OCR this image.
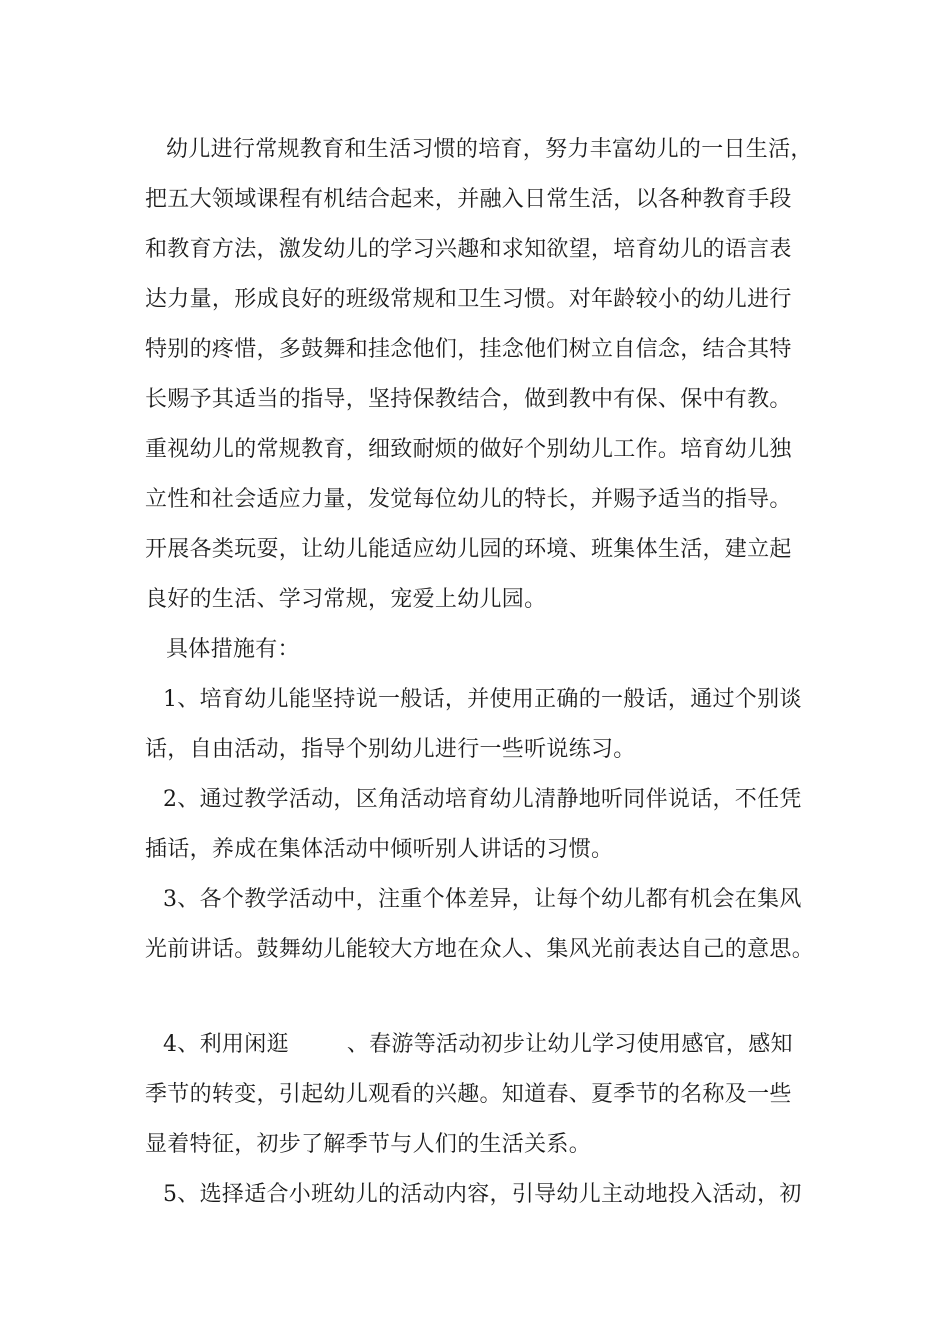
幼儿进行常规教育和生活习惯的培育，努力丰富幼儿的一日生活，
把五大领域课程有机结合起来，并融入日常生活，以各种教育手段
和教育方法，激发幼儿的学习兴趣和求知欲望，培育幼儿的语言表
达力量，形成良好的班级常规和卫生习惯。对年龄较小的幼儿进行
特别的疼惜，多鼓舞和挂念他们，挂念他们树立自信念，结合其特
长赐予其适当的指导，坚持保教结合，做到教中有保、保中有教。
重视幼儿的常规教育，细致耐烦的做好个别幼儿工作。培育幼儿独
立性和社会适应力量，发觉每位幼儿的特长，并赐予适当的指导。
开展各类玩耍，让幼儿能适应幼儿园的环境、班集体生活，建立起
良好的生活、学习常规，宠爱上幼儿园。
具体措施有：
1、培育幼儿能坚持说一般话，并使用正确的一般话，通过个别谈
话，自由活动，指导个别幼儿进行一些听说练习。
2、通过教学活动，区角活动培育幼儿清静地听同伴说话，不任凭
插话，养成在集体活动中倾听别人讲话的习惯。
3、各个教学活动中，注重个体差异，让每个幼儿都有机会在集风
光前讲话。鼓舞幼儿能较大方地在众人、集风光前表达自己的意思。
4、利用闲逛	、春游等活动初步让幼儿学习使用感官，感知
季节的转变，引起幼儿观看的兴趣。知道春、夏季节的名称及一些
显着特征，初步了解季节与人们的生活关系。
5、选择适合小班幼儿的活动内容，引导幼儿主动地投入活动，初
